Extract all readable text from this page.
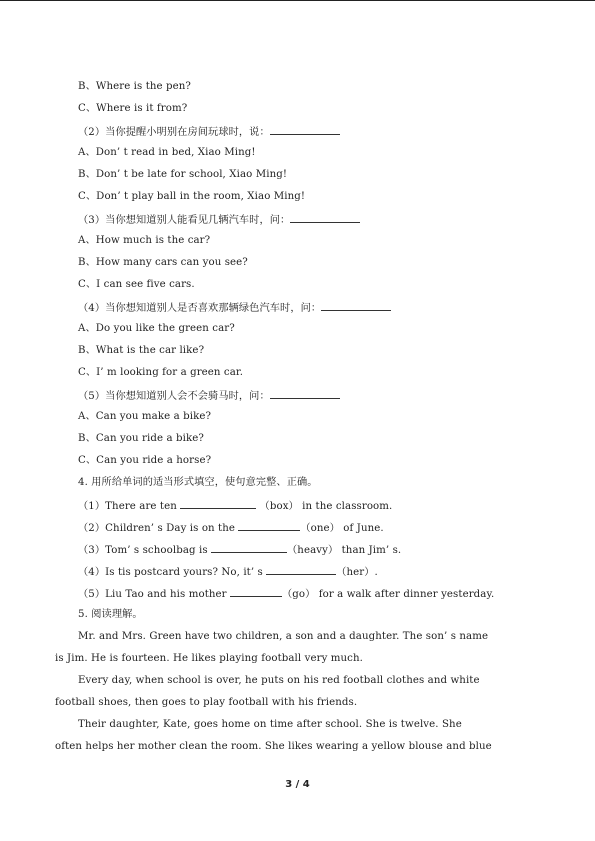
B、Where is the pen?
C、Where is it from?
（2）当你提醒小明别在房间玩球时，说：
A、Don’ t read in bed, Xiao Ming!
B、Don’ t be late for school, Xiao Ming!
C、Don’ t play ball in the room, Xiao Ming!
（3）当你想知道别人能看见几辆汽车时，问：
A、How much is the car?
B、How many cars can you see?
C、I can see five cars.
（4）当你想知道别人是否喜欢那辆绿色汽车时，问：
A、Do you like the green car?
B、What is the car like?
C、I’ m looking for a green car.
（5）当你想知道别人会不会骑马时，问：
A、Can you make a bike?
B、Can you ride a bike?
C、Can you ride a horse?
4. 用所给单词的适当形式填空，使句意完整、正确。
（1）There are ten	（box） in the classroom.
（2）Children’ s Day is on the	（one） of June.
（3）Tom’ s schoolbag is	（heavy） than Jim’ s.
（4）Is tis postcard yours? No, it’ s	（her）.
（5）Liu Tao and his mother	（go） for a walk after dinner yesterday.
5. 阅读理解。
Mr. and Mrs. Green have two children, a son and a daughter. The son’ s name
is Jim. He is fourteen. He likes playing football very much.
Every day, when school is over, he puts on his red football clothes and white
football shoes, then goes to play football with his friends.
Their daughter, Kate, goes home on time after school. She is twelve. She
often helps her mother clean the room. She likes wearing a yellow blouse and blue
3 / 4
